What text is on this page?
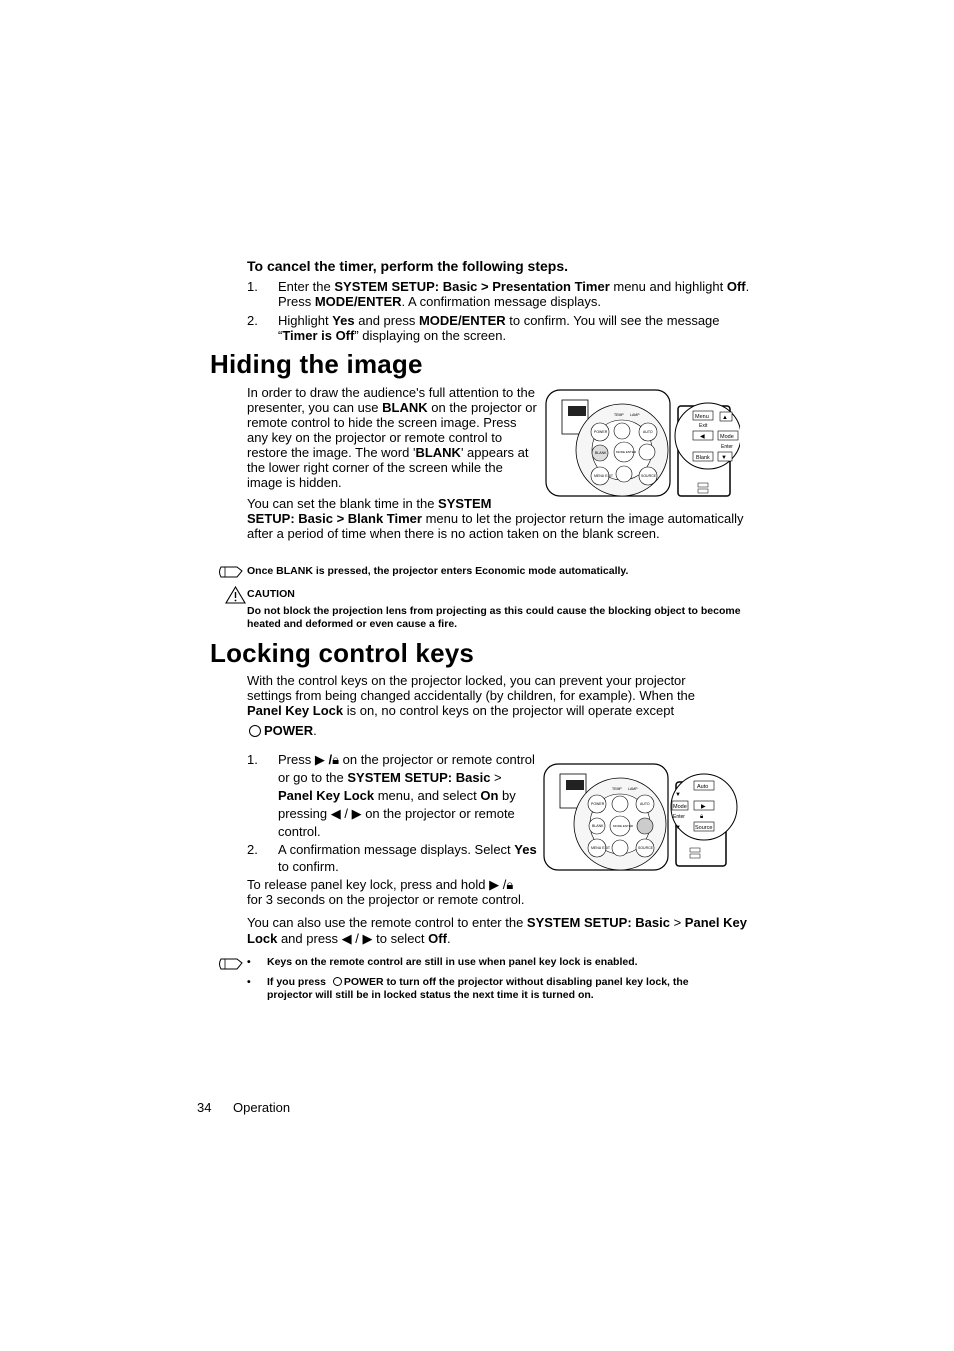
To cancel the timer, perform the following steps.
1. Enter the SYSTEM SETUP: Basic > Presentation Timer menu and highlight Off. Press MODE/ENTER. A confirmation message displays.
2. Highlight Yes and press MODE/ENTER to confirm. You will see the message “Timer is Off” displaying on the screen.
Hiding the image
In order to draw the audience's full attention to the presenter, you can use BLANK on the projector or remote control to hide the screen image. Press any key on the projector or remote control to restore the image. The word 'BLANK' appears at the lower right corner of the screen while the image is hidden.
TEMP LAMP
POWER	AUTO
MODE ENTER
BLANK
MENU EXIT	SOURCE
Menu
Exit
◀	Mode
Enter
Blank ▼
▲
You can set the blank time in the SYSTEM
SETUP: Basic > Blank Timer menu to let the projector return the image automatically after a period of time when there is no action taken on the blank screen.
Once BLANK is pressed, the projector enters Economic mode automatically.
CAUTION
Do not block the projection lens from projecting as this could cause the blocking object to become heated and deformed or even cause a fire.
Locking control keys
With the control keys on the projector locked, you can prevent your projector settings from being changed accidentally (by children, for example). When the Panel Key Lock is on, no control keys on the projector will operate except
POWER.
1. Press ▶ /🔒︎ on the projector or remote control or go to the SYSTEM SETUP: Basic > Panel Key Lock menu, and select On by pressing ◀ / ▶ on the projector or remote control.
2. A confirmation message displays. Select Yes to confirm.
TEMP LAMP
POWER	AUTO
BLANK	MODE ENTER
MENU EXIT	SOURCE
Auto
▼
Mode
Enter
▶
🔒︎
Source
▼
To release panel key lock, press and hold ▶ /🔒︎
for 3 seconds on the projector or remote control.
You can also use the remote control to enter the SYSTEM SETUP: Basic > Panel Key Lock and press ◀ / ▶ to select Off.
• Keys on the remote control are still in use when panel key lock is enabled.
• If you press POWER to turn off the projector without disabling panel key lock, the projector will still be in locked status the next time it is turned on.
34 Operation
